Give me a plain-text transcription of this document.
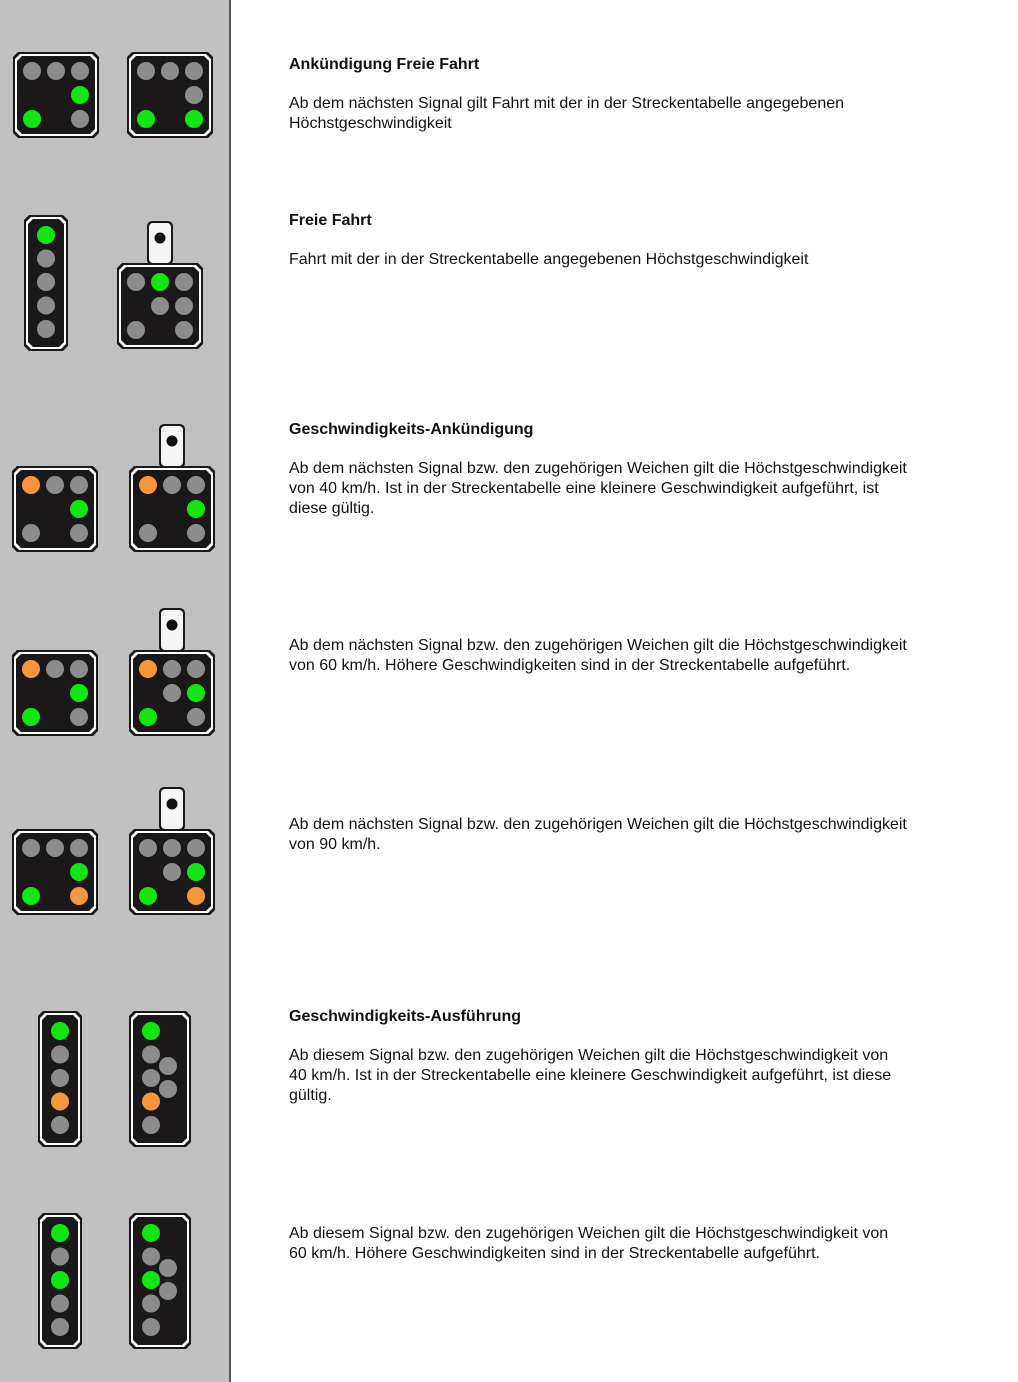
Ankündigung Freie Fahrt

Ab dem nächsten Signal gilt Fahrt mit der in der Streckentabelle angegebenen
Höchstgeschwindigkeit

Freie Fahrt

Fahrt mit der in der Streckentabelle angegebenen Höchstgeschwindigkeit

Geschwindigkeits-Ankündigung

Ab dem nächsten Signal bzw. den zugehörigen Weichen gilt die Höchstgeschwindigkeit
von 40 km/h. Ist in der Streckentabelle eine kleinere Geschwindigkeit aufgeführt, ist
diese gültig.

Ab dem nächsten Signal bzw. den zugehörigen Weichen gilt die Höchstgeschwindigkeit
von 60 km/h. Höhere Geschwindigkeiten sind in der Streckentabelle aufgeführt.

Ab dem nächsten Signal bzw. den zugehörigen Weichen gilt die Höchstgeschwindigkeit
von 90 km/h.

Geschwindigkeits-Ausführung

Ab diesem Signal bzw. den zugehörigen Weichen gilt die Höchstgeschwindigkeit von
40 km/h. Ist in der Streckentabelle eine kleinere Geschwindigkeit aufgeführt, ist diese
gültig.

Ab diesem Signal bzw. den zugehörigen Weichen gilt die Höchstgeschwindigkeit von
60 km/h. Höhere Geschwindigkeiten sind in der Streckentabelle aufgeführt.
